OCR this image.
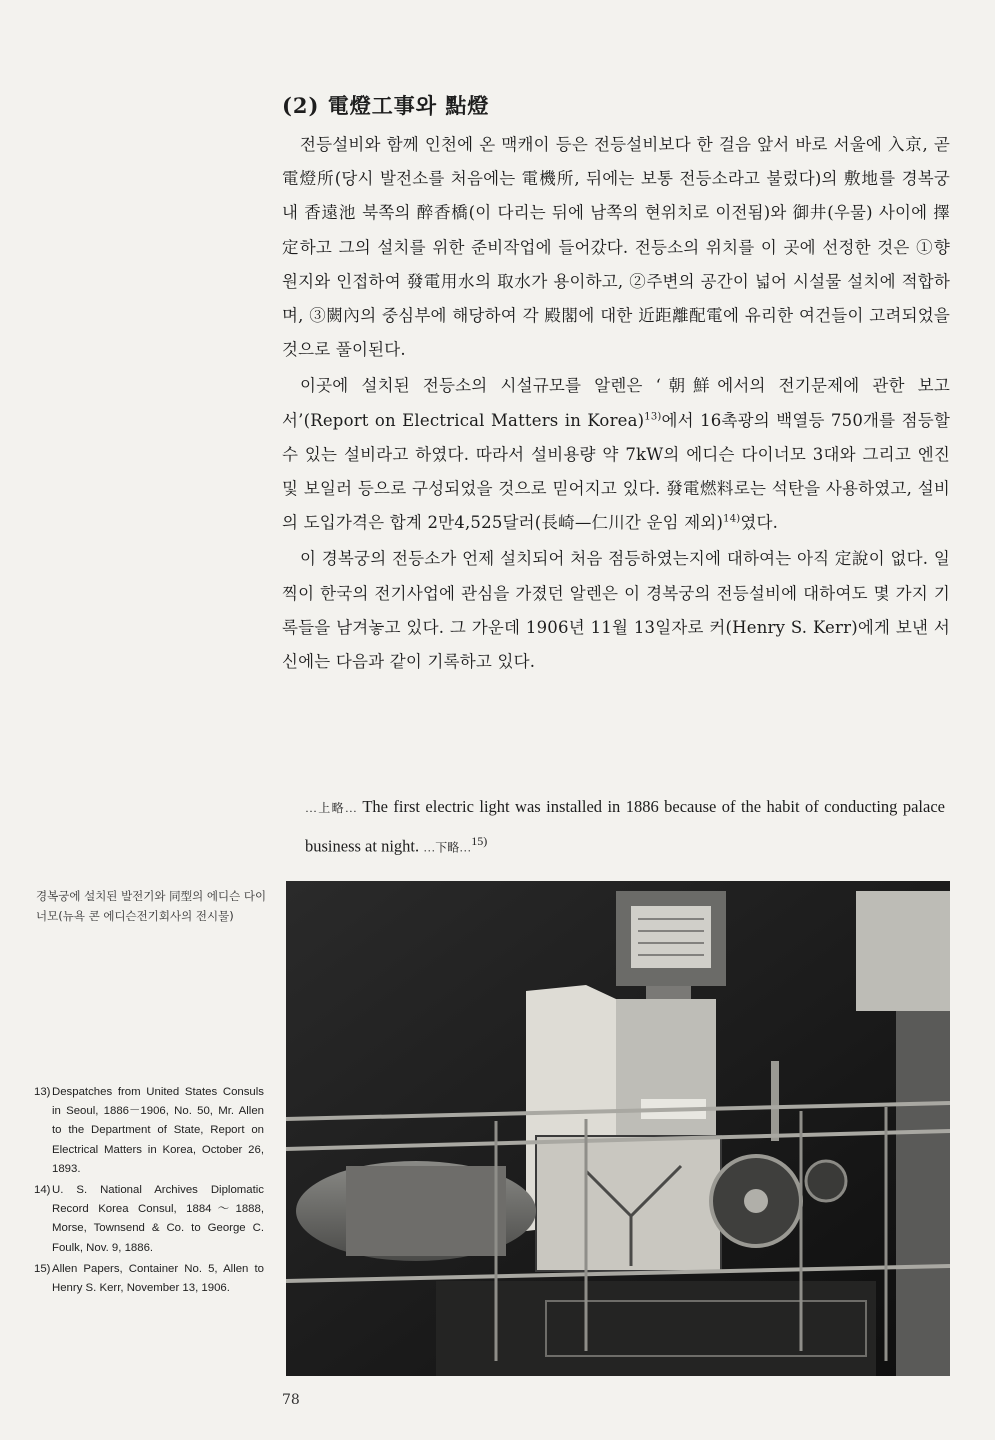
(2) 電燈工事와 點燈

전등설비와 함께 인천에 온 맥캐이 등은 전등설비보다 한 걸음 앞서 바로 서울에 入京, 곧 電燈所(당시 발전소를 처음에는 電機所, 뒤에는 보통 전등소라고 불렀다)의 敷地를 경복궁내 香遠池 북쪽의 醉香橋(이 다리는 뒤에 남쪽의 현위치로 이전됨)와 御井(우물) 사이에 擇定하고 그의 설치를 위한 준비작업에 들어갔다. 전등소의 위치를 이 곳에 선정한 것은 ①향원지와 인접하여 發電用水의 取水가 용이하고, ②주변의 공간이 넓어 시설물 설치에 적합하며, ③闕內의 중심부에 해당하여 각 殿閣에 대한 近距離配電에 유리한 여건들이 고려되었을 것으로 풀이된다.

이곳에 설치된 전등소의 시설규모를 알렌은 ‘朝鮮에서의 전기문제에 관한 보고서’(Report on Electrical Matters in Korea)$^{13)}$에서 16촉광의 백열등 750개를 점등할 수 있는 설비라고 하였다. 따라서 설비용량 약 7kW의 에디슨 다이너모 3대와 그리고 엔진 및 보일러 등으로 구성되었을 것으로 믿어지고 있다. 發電燃料로는 석탄을 사용하였고, 설비의 도입가격은 합계 2만4,525달러(長崎—仁川간 운임 제외)$^{14)}$였다.

이 경복궁의 전등소가 언제 설치되어 처음 점등하였는지에 대하여는 아직 定說이 없다. 일찍이 한국의 전기사업에 관심을 가졌던 알렌은 이 경복궁의 전등설비에 대하여도 몇 가지 기록들을 남겨놓고 있다. 그 가운데 1906년 11월 13일자로 커(Henry S. Kerr)에게 보낸 서신에는 다음과 같이 기록하고 있다.

…上略… The first electric light was installed in 1886 because of the habit of conducting palace business at night. …下略…$^{15)}$
경복궁에 설치된 발전기와 同型의 에디슨 다이너모(뉴욕 콘 에디슨전기회사의 전시물)
13) Despatches from United States Consuls in Seoul, 1886－1906, No. 50, Mr. Allen to the Department of State, Report on Electrical Matters in Korea, October 26, 1893.
14) U. S. National Archives Diplomatic Record Korea Consul, 1884～1888, Morse, Townsend & Co. to George C. Foulk, Nov. 9, 1886.
15) Allen Papers, Container No. 5, Allen to Henry S. Kerr, November 13, 1906.
78
